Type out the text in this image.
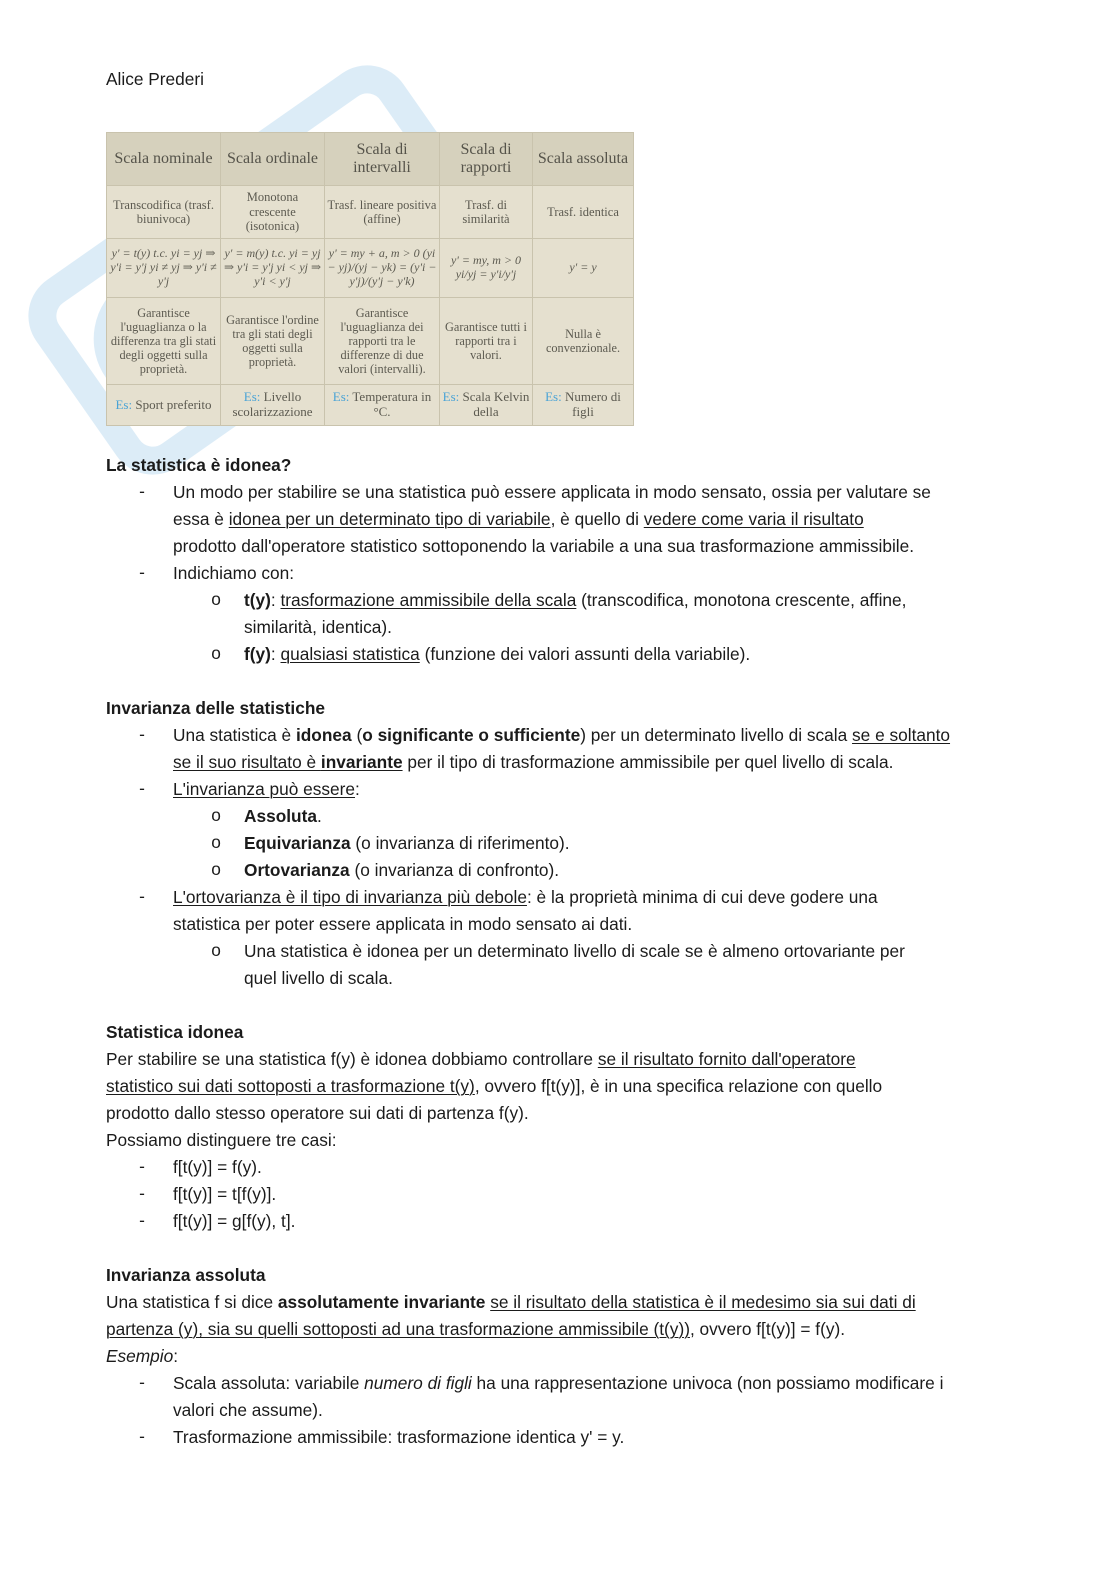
Alice Prederi
Scala nominale	Scala ordinale	Scala di intervalli	Scala di rapporti	Scala assoluta
Transcodifica (trasf. biunivoca)	Monotona crescente (isotonica)	Trasf. lineare positiva (affine)	Trasf. di similarità	Trasf. identica
y' = t(y) t.c. yi = yj ⇒ y'i = y'j yi ≠ yj ⇒ y'i ≠ y'j	y' = m(y) t.c. yi = yj ⇒ y'i = y'j yi < yj ⇒ y'i < y'j	y' = my + a, m > 0 (yi − yj)/(yj − yk) = (y'i − y'j)/(y'j − y'k)	y' = my, m > 0 yi/yj = y'i/y'j	y' = y
Garantisce l'uguaglianza o la differenza tra gli stati degli oggetti sulla proprietà.	Garantisce l'ordine tra gli stati degli oggetti sulla proprietà.	Garantisce l'uguaglianza dei rapporti tra le differenze di due valori (intervalli).	Garantisce tutti i rapporti tra i valori.	Nulla è convenzionale.
Es: Sport preferito	Es: Livello scolarizzazione	Es: Temperatura in °C.	Es: Scala Kelvin della	Es: Numero di figli
La statistica è idonea?
-	Un modo per stabilire se una statistica può essere applicata in modo sensato, ossia per valutare se
essa è idonea per un determinato tipo di variabile, è quello di vedere come varia il risultato
prodotto dall'operatore statistico sottoponendo la variabile a una sua trasformazione ammissibile.
-	Indichiamo con:
o t(y): trasformazione ammissibile della scala (transcodifica, monotona crescente, affine,
similarità, identica).
o f(y): qualsiasi statistica (funzione dei valori assunti della variabile).
Invarianza delle statistiche
-	Una statistica è idonea (o significante o sufficiente) per un determinato livello di scala se e soltanto
se il suo risultato è invariante per il tipo di trasformazione ammissibile per quel livello di scala.
-	L'invarianza può essere:
o Assoluta.
o Equivarianza (o invarianza di riferimento).
o Ortovarianza (o invarianza di confronto).
-	L'ortovarianza è il tipo di invarianza più debole: è la proprietà minima di cui deve godere una
statistica per poter essere applicata in modo sensato ai dati.
o Una statistica è idonea per un determinato livello di scale se è almeno ortovariante per
quel livello di scala.
Statistica idonea
Per stabilire se una statistica f(y) è idonea dobbiamo controllare se il risultato fornito dall'operatore
statistico sui dati sottoposti a trasformazione t(y), ovvero f[t(y)], è in una specifica relazione con quello
prodotto dallo stesso operatore sui dati di partenza f(y).
Possiamo distinguere tre casi:
-	f[t(y)] = f(y).
-	f[t(y)] = t[f(y)].
-	f[t(y)] = g[f(y), t].
Invarianza assoluta
Una statistica f si dice assolutamente invariante se il risultato della statistica è il medesimo sia sui dati di
partenza (y), sia su quelli sottoposti ad una trasformazione ammissibile (t(y)), ovvero f[t(y)] = f(y).
Esempio:
-	Scala assoluta: variabile numero di figli ha una rappresentazione univoca (non possiamo modificare i
valori che assume).
-	Trasformazione ammissibile: trasformazione identica y' = y.
